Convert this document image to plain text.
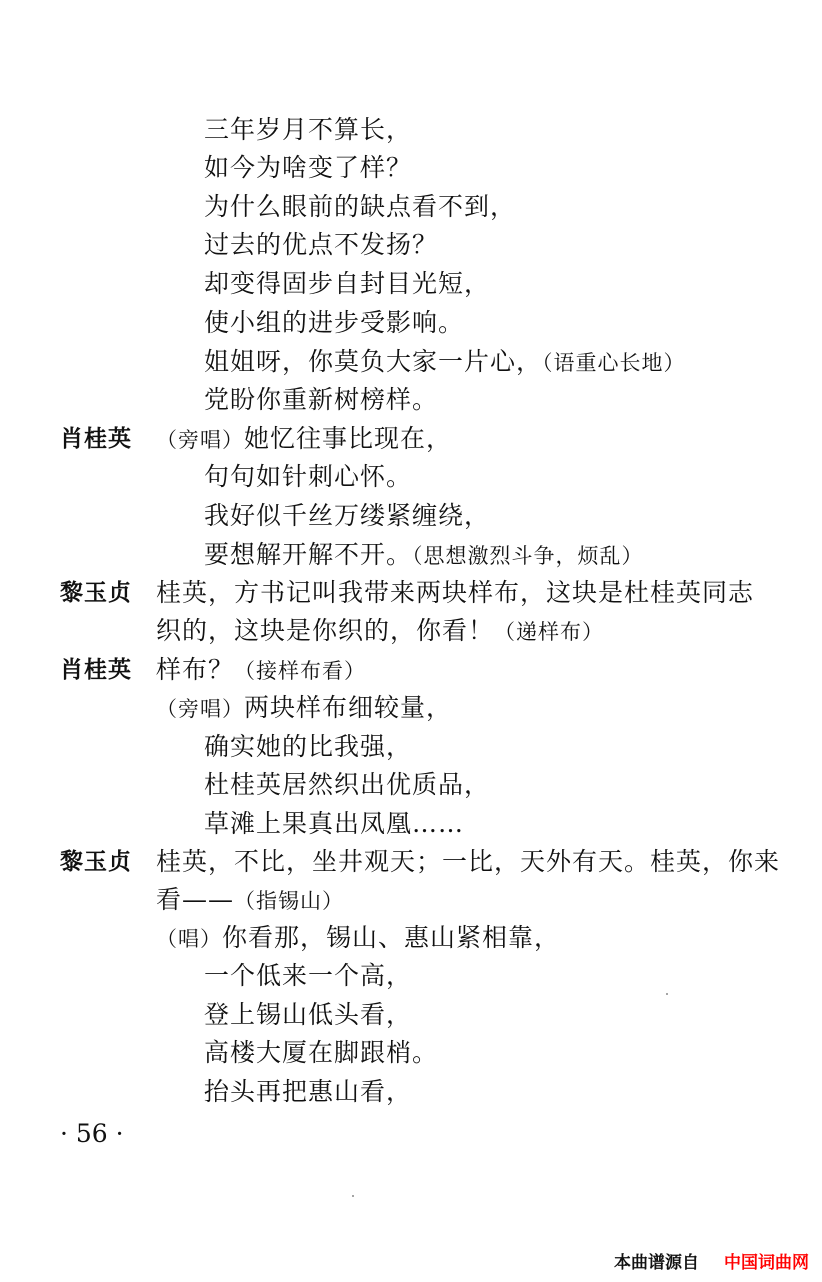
三年岁月不算长，
如今为啥变了样？
为什么眼前的缺点看不到，
过去的优点不发扬？
却变得固步自封目光短，
使小组的进步受影响。
姐姐呀，你莫负大家一片心，（语重心长地）
党盼你重新树榜样。
肖桂英 （旁唱）她忆往事比现在，
句句如针刺心怀。
我好似千丝万缕紧缠绕，
要想解开解不开。（思想激烈斗争，烦乱）
黎玉贞 桂英，方书记叫我带来两块样布，这块是杜桂英同志
织的，这块是你织的，你看！（递样布）
肖桂英 样布？（接样布看）
（旁唱）两块样布细较量，
确实她的比我强，
杜桂英居然织出优质品，
草滩上果真出凤凰……
黎玉贞 桂英，不比，坐井观天；一比，天外有天。桂英，你来
看——（指锡山）
（唱）你看那，锡山、惠山紧相靠，
一个低来一个高，
登上锡山低头看，
高楼大厦在脚跟梢。
抬头再把惠山看，
· 56 ·
本曲谱源自 中国词曲网
